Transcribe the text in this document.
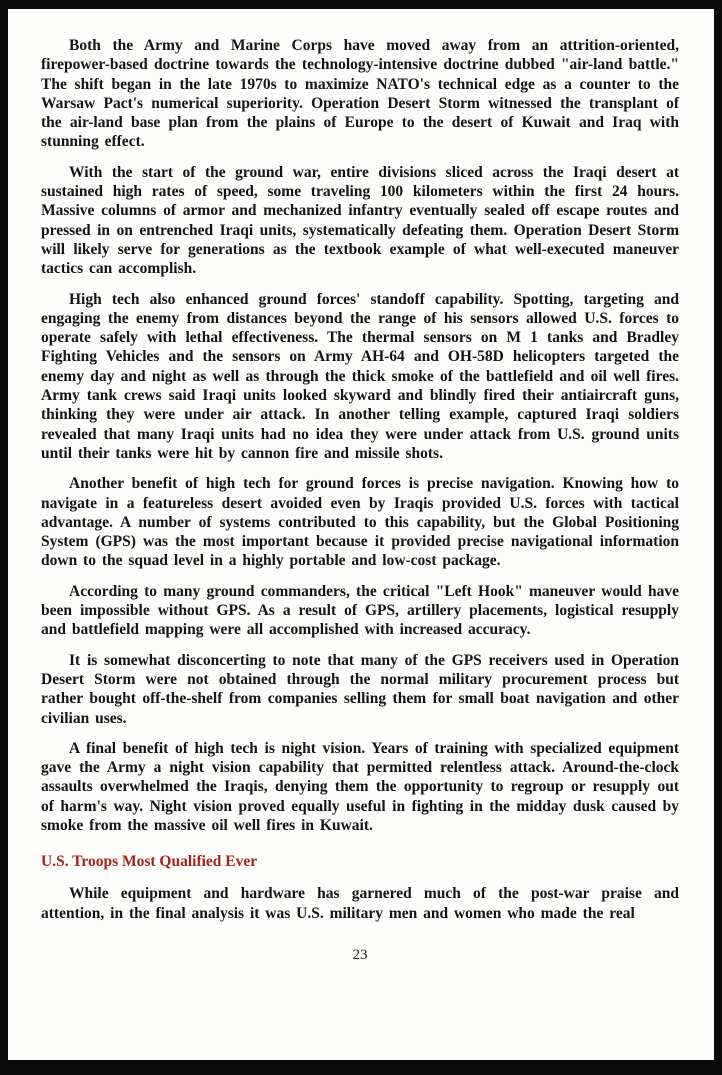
Both the Army and Marine Corps have moved away from an attrition-oriented, firepower-based doctrine towards the technology-intensive doctrine dubbed "air-land battle." The shift began in the late 1970s to maximize NATO's technical edge as a counter to the Warsaw Pact's numerical superiority. Operation Desert Storm witnessed the transplant of the air-land base plan from the plains of Europe to the desert of Kuwait and Iraq with stunning effect.

With the start of the ground war, entire divisions sliced across the Iraqi desert at sustained high rates of speed, some traveling 100 kilometers within the first 24 hours. Massive columns of armor and mechanized infantry eventually sealed off escape routes and pressed in on entrenched Iraqi units, systematically defeating them. Operation Desert Storm will likely serve for generations as the textbook example of what well-executed maneuver tactics can accomplish.

High tech also enhanced ground forces' standoff capability. Spotting, targeting and engaging the enemy from distances beyond the range of his sensors allowed U.S. forces to operate safely with lethal effectiveness. The thermal sensors on M 1 tanks and Bradley Fighting Vehicles and the sensors on Army AH-64 and OH-58D helicopters targeted the enemy day and night as well as through the thick smoke of the battlefield and oil well fires. Army tank crews said Iraqi units looked skyward and blindly fired their antiaircraft guns, thinking they were under air attack. In another telling example, captured Iraqi soldiers revealed that many Iraqi units had no idea they were under attack from U.S. ground units until their tanks were hit by cannon fire and missile shots.

Another benefit of high tech for ground forces is precise navigation. Knowing how to navigate in a featureless desert avoided even by Iraqis provided U.S. forces with tactical advantage. A number of systems contributed to this capability, but the Global Positioning System (GPS) was the most important because it provided precise navigational information down to the squad level in a highly portable and low-cost package.

According to many ground commanders, the critical "Left Hook" maneuver would have been impossible without GPS. As a result of GPS, artillery placements, logistical resupply and battlefield mapping were all accomplished with increased accuracy.

It is somewhat disconcerting to note that many of the GPS receivers used in Operation Desert Storm were not obtained through the normal military procurement process but rather bought off-the-shelf from companies selling them for small boat navigation and other civilian uses.

A final benefit of high tech is night vision. Years of training with specialized equipment gave the Army a night vision capability that permitted relentless attack. Around-the-clock assaults overwhelmed the Iraqis, denying them the opportunity to regroup or resupply out of harm's way. Night vision proved equally useful in fighting in the midday dusk caused by smoke from the massive oil well fires in Kuwait.

U.S. Troops Most Qualified Ever

While equipment and hardware has garnered much of the post-war praise and attention, in the final analysis it was U.S. military men and women who made the real

23
